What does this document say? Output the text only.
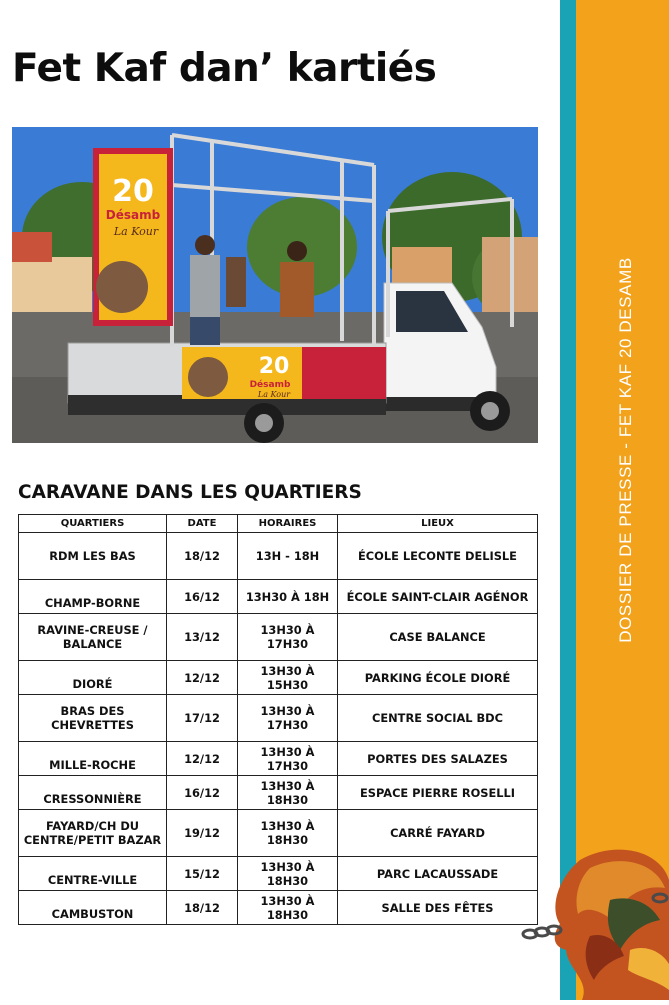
Fet Kaf dan’ kartiés
20
Désamb
La Kour
20
Désamb
La Kour
CARAVANE DANS LES QUARTIERS
QUARTIERS	DATE	HORAIRES	LIEUX
RDM LES BAS	18/12	13H - 18H	ÉCOLE LECONTE DELISLE
CHAMP-BORNE	16/12	13H30 À 18H	ÉCOLE SAINT-CLAIR AGÉNOR
RAVINE-CREUSE / BALANCE	13/12	13H30 À 17H30	CASE BALANCE
DIORÉ	12/12	13H30 À 15H30	PARKING ÉCOLE DIORÉ
BRAS DES CHEVRETTES	17/12	13H30 À 17H30	CENTRE SOCIAL BDC
MILLE-ROCHE	12/12	13H30 À 17H30	PORTES DES SALAZES
CRESSONNIÈRE	16/12	13H30 À 18H30	ESPACE PIERRE ROSELLI
FAYARD/CH DU CENTRE/PETIT BAZAR	19/12	13H30 À 18H30	CARRÉ FAYARD
CENTRE-VILLE	15/12	13H30 À 18H30	PARC LACAUSSADE
CAMBUSTON	18/12	13H30 À 18H30	SALLE DES FÊTES
DOSSIER DE PRESSE - FET KAF 20 DESAMB
